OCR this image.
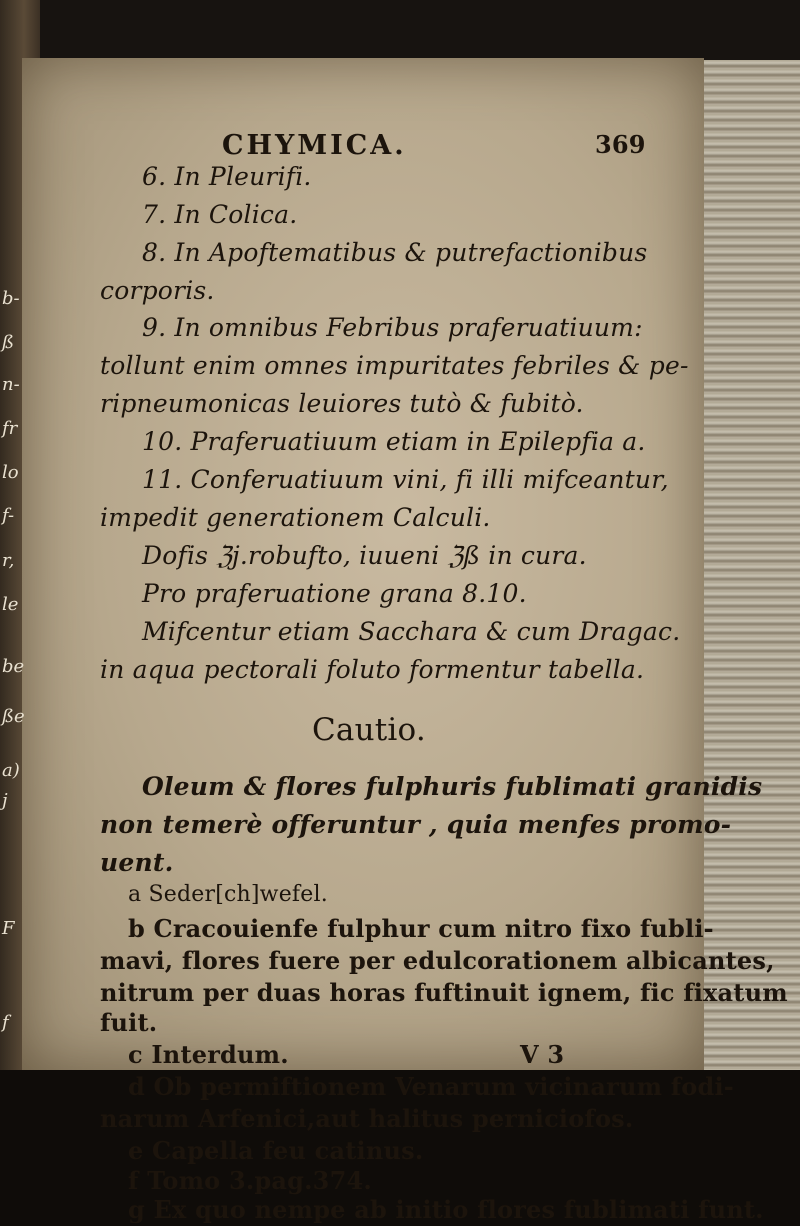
b-
ß
n-
fr
lo
f-
r,
le
be
ße
a)
j
F
f
CHYMICA.	369
6. In Pleurifi.
7. In Colica.
8. In Apoftematibus & putrefactionibus
corporis.
9. In omnibus Febribus praferuatiuum:
tollunt enim omnes impuritates febriles & pe-
ripneumonicas leuiores tutò & fubitò.
10. Praferuatiuum etiam in Epilepfia a.
11. Conferuatiuum vini, fi illi mifceantur,
impedit generationem Calculi.
Dofis ℨj.robufto, iuueni ℨß in cura.
Pro praferuatione grana 8.10.
Mifcentur etiam Sacchara & cum Dragac.
in aqua pectorali foluto formentur tabella.
Cautio.
Oleum & flores fulphuris fublimati granidis
non temerè offeruntur , quia menfes promo-
uent.
a Seder[ch]wefel.
b Cracouienfe fulphur cum nitro fixo fubli-
mavi, flores fuere per edulcorationem albicantes,
nitrum per duas horas fuftinuit ignem, fic fixatum
fuit.
c Interdum.
d Ob permiftionem Venarum vicinarum fodi-
narum Arfenici,aut halitus perniciofos.
e Capella feu catinus.
f Tomo 3.pag.374.
g Ex quo nempe ab initio flores fublimati funt.
V 3
